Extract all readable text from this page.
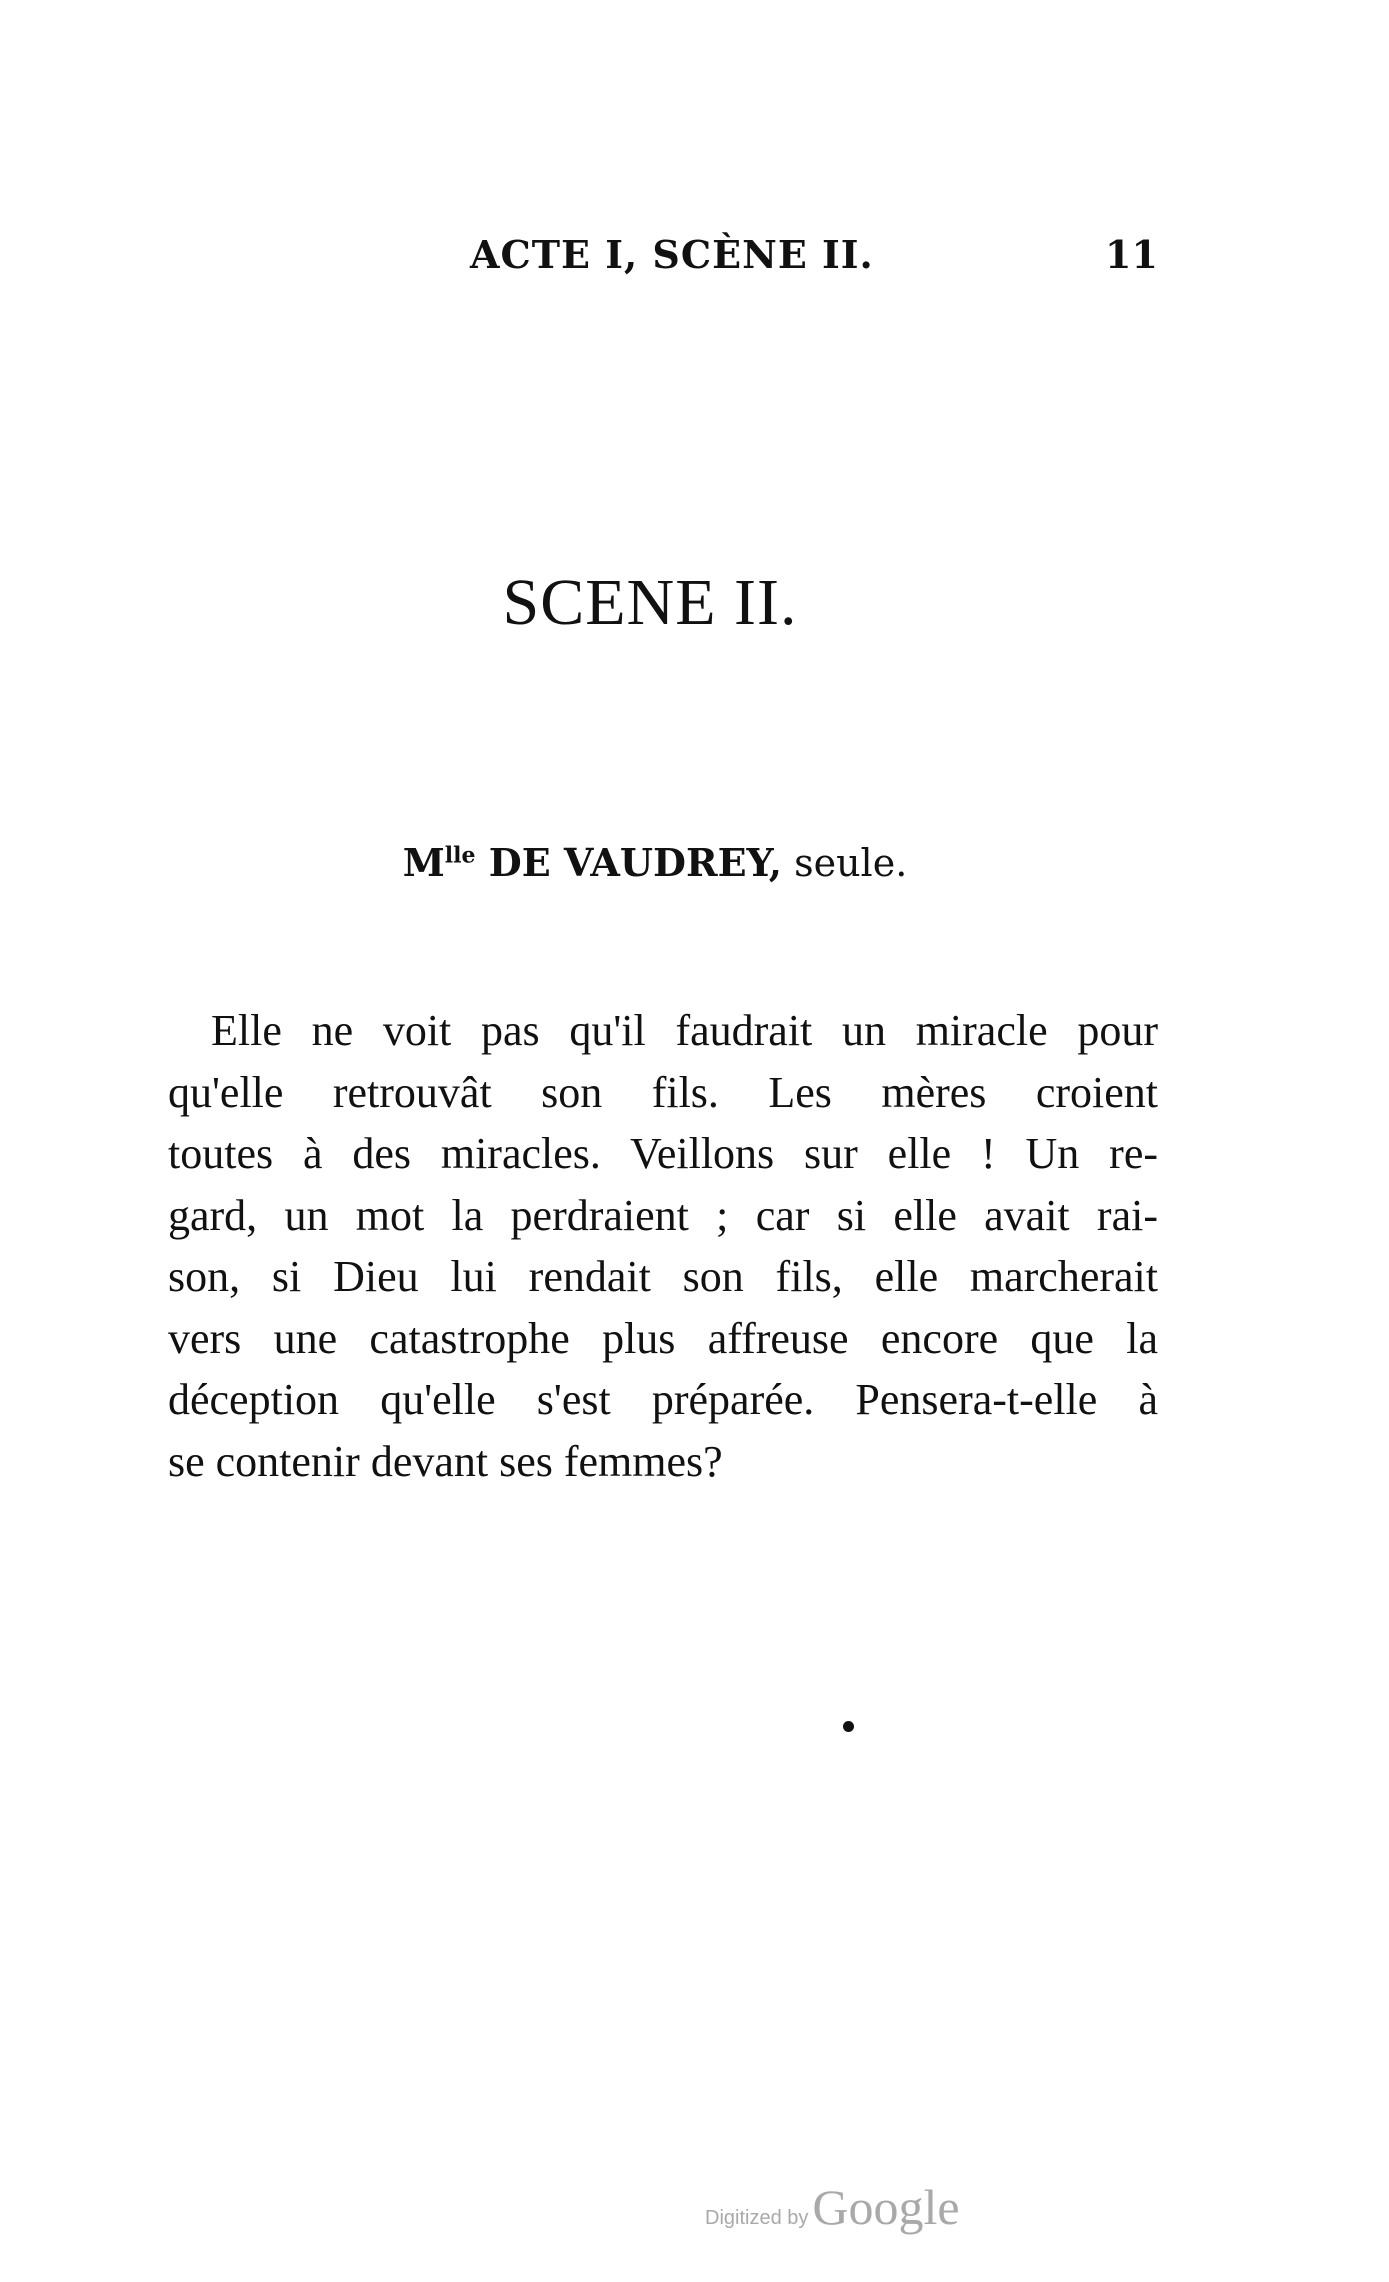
ACTE I, SCÈNE II.	11
SCENE II.
$M^{lle}$ DE VAUDREY, seule.
Elle ne voit pas qu'il faudrait un miracle pour
qu'elle retrouvât son fils. Les mères croient
toutes à des miracles. Veillons sur elle ! Un re-
gard, un mot la perdraient ; car si elle avait rai-
son, si Dieu lui rendait son fils, elle marcherait
vers une catastrophe plus affreuse encore que la
déception qu'elle s'est préparée. Pensera-t-elle à
se contenir devant ses femmes?
Digitized byGoogle
